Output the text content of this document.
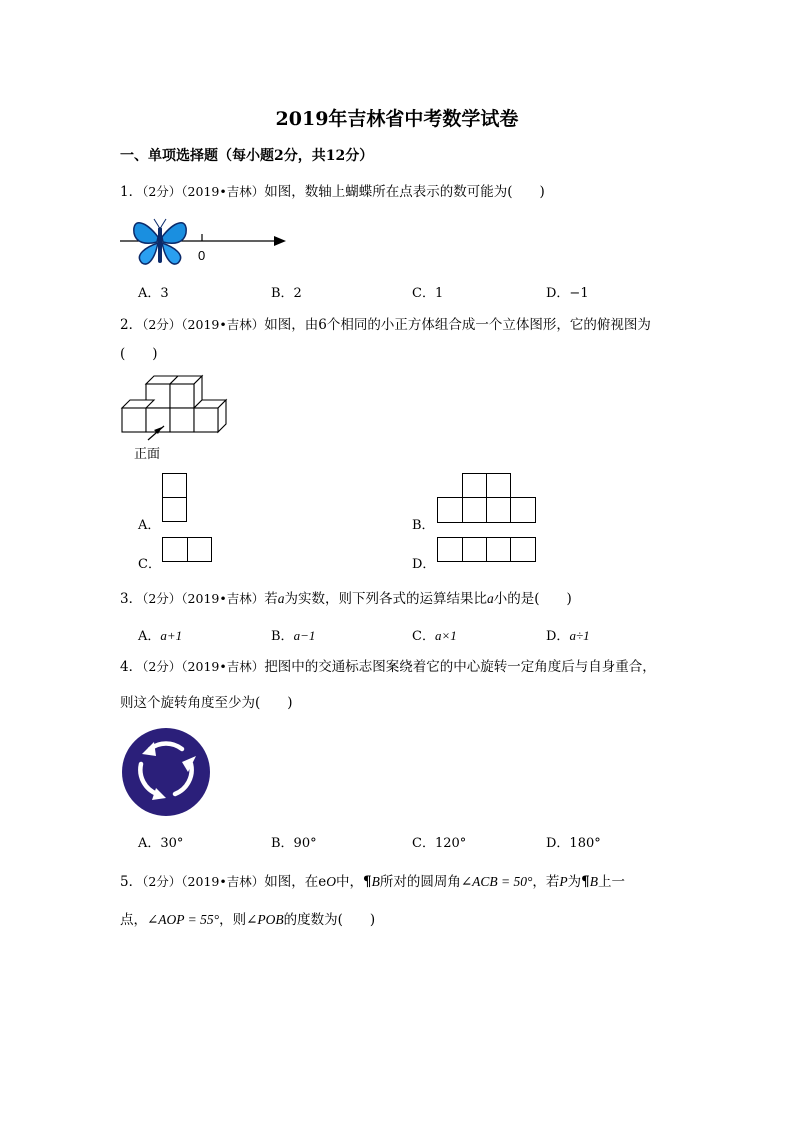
2019年吉林省中考数学试卷
一、单项选择题（每小题2分，共12分）
1．（2分）（2019•吉林）如图，数轴上蝴蝶所在点表示的数可能为(　　)
0
A．3	B．2	C．1	D．−1
2．（2分）（2019•吉林）如图，由6个相同的小正方体组合成一个立体图形，它的俯视图为
(　　)
正面
A．	B．
C．	D．
3．（2分）（2019•吉林）若a为实数，则下列各式的运算结果比a小的是(　　)
A．a+1	B．a−1	C．a×1	D．a÷1
4．（2分）（2019•吉林）把图中的交通标志图案绕着它的中心旋转一定角度后与自身重合，
则这个旋转角度至少为(　　)
A．30°	B．90°	C．120°	D．180°
5．（2分）（2019•吉林）如图，在eO中，¶B所对的圆周角∠ACB = 50°，若P为¶B上一
点，∠AOP = 55°，则∠POB的度数为(　　)
